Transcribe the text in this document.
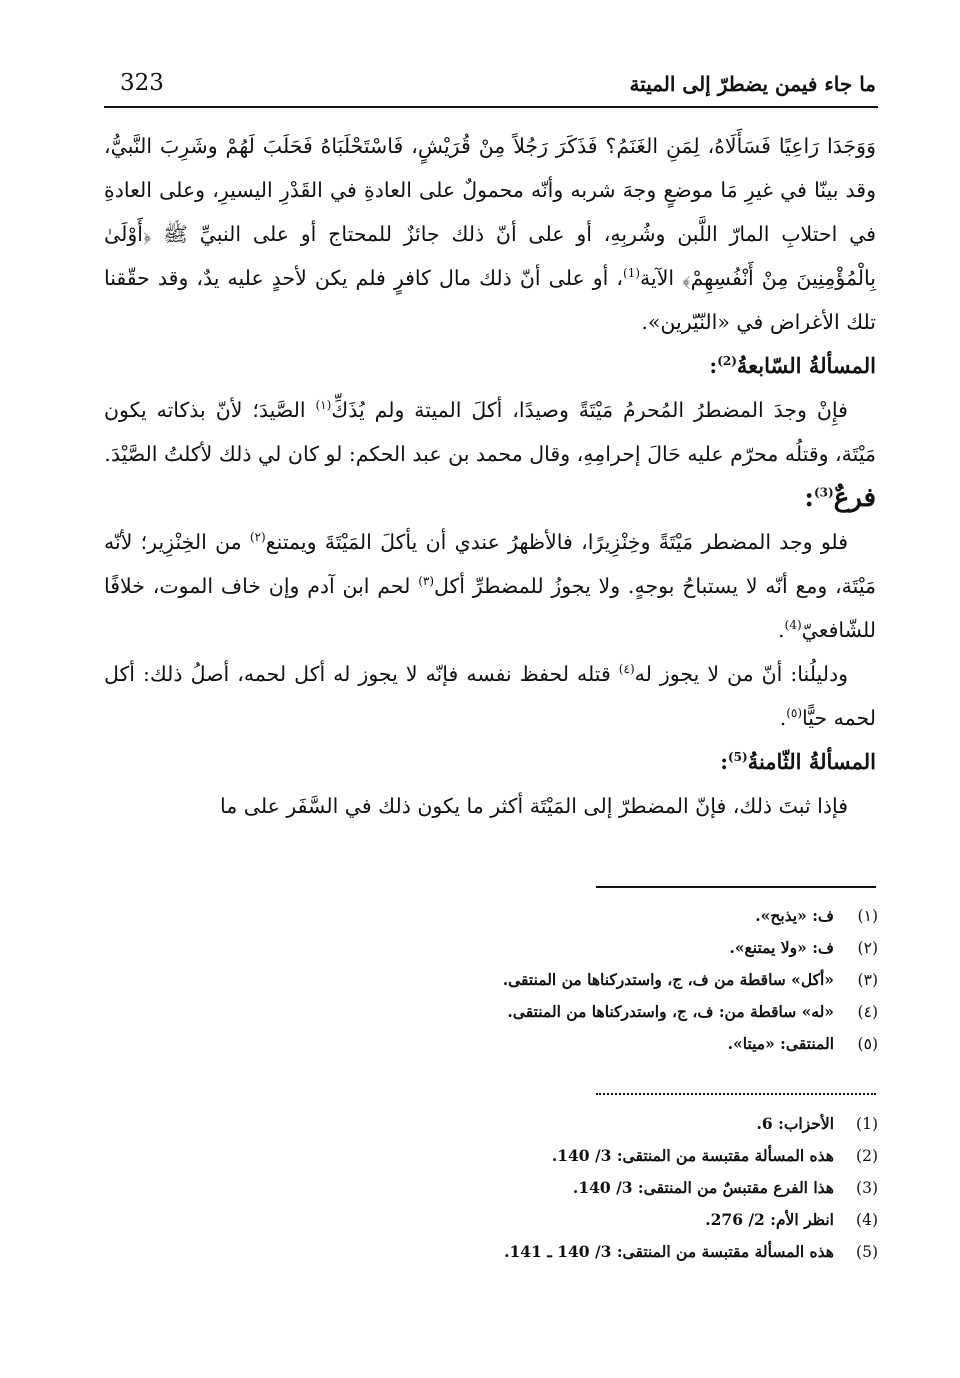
323	ما جاء فيمن يضطرّ إلى الميتة

وَوَجَدَا رَاعِيًا فَسَأَلَاهُ، لِمَنِ الغَنَمُ؟ فَذَكَرَ رَجُلاً مِنْ قُرَيْشٍ، فَاسْتَحْلَبَاهُ فَحَلَبَ لَهُمْ وشَرِبَ النَّبيُّ، وقد بينّا في غيرِ مَا موضعٍ وجهَ شربه وأنّه محمولٌ على العادةِ في القَدْرِ اليسيرِ، وعلى العادةِ في احتلابِ المارّ اللَّبن وشُربِهِ، أو على أنّ ذلك جائزٌ للمحتاج أو على النبيِّ ﷺ ﴿أَوْلَىٰ بِالْمُؤْمِنِينَ مِنْ أَنْفُسِهِمْ﴾ الآية$^{(1)}$، أو على أنّ ذلك مال كافرٍ فلم يكن لأحدٍ عليه يدٌ، وقد حقّقنا تلك الأغراض في «النّيّرين».

المسألةُ السّابعةُ$^{(2)}$:

فإِنْ وجدَ المضطرُ المُحرمُ مَيْتَةً وصيدًا، أكلَ الميتة ولم يُذَكِّ$^{(١)}$ الصَّيدَ؛ لأنّ بذكاته يكون مَيْتَة، وقتلُه محرّم عليه حَالَ إحرامِهِ، وقال محمد بن عبد الحكم: لو كان لي ذلك لأكلتُ الصَّيْدَ.

فرعٌ$^{(3)}$:

فلو وجد المضطر مَيْتَةً وخِنْزِيرًا، فالأظهرُ عندي أن يأكلَ المَيْتَةَ ويمتنع$^{(٢)}$ من الخِنْزِير؛ لأنّه مَيْتَة، ومع أنّه لا يستباحُ بوجهٍ. ولا يجوزُ للمضطرِّ أكل$^{(٣)}$ لحم ابن آدم وإن خاف الموت، خلافًا للشّافعيّ$^{(4)}$.

ودليلُنا: أنّ من لا يجوز له$^{(٤)}$ قتله لحفظ نفسه فإنّه لا يجوز له أكل لحمه، أصلُ ذلك: أكل لحمه حيًّا$^{(٥)}$.

المسألةُ الثّامنةُ$^{(5)}$:

فإذا ثبتَ ذلك، فإنّ المضطرّ إلى المَيْتَة أكثر ما يكون ذلك في السَّفَر على ما

(١)
ف: «يذبح».
(٢)
ف: «ولا يمتنع».
(٣)
«أكل» ساقطة من ف، ج، واستدركناها من المنتقى.
(٤)
«له» ساقطة من: ف، ج، واستدركناها من المنتقى.
(٥)
المنتقى: «ميتا».
(1)
الأحزاب: 6.
(2)
هذه المسألة مقتبسة من المنتقى: 3/ 140.
(3)
هذا الفرع مقتبسٌ من المنتقى: 3/ 140.
(4)
انظر الأم: 2/ 276.
(5)
هذه المسألة مقتبسة من المنتقى: 3/ 140 ـ 141.
